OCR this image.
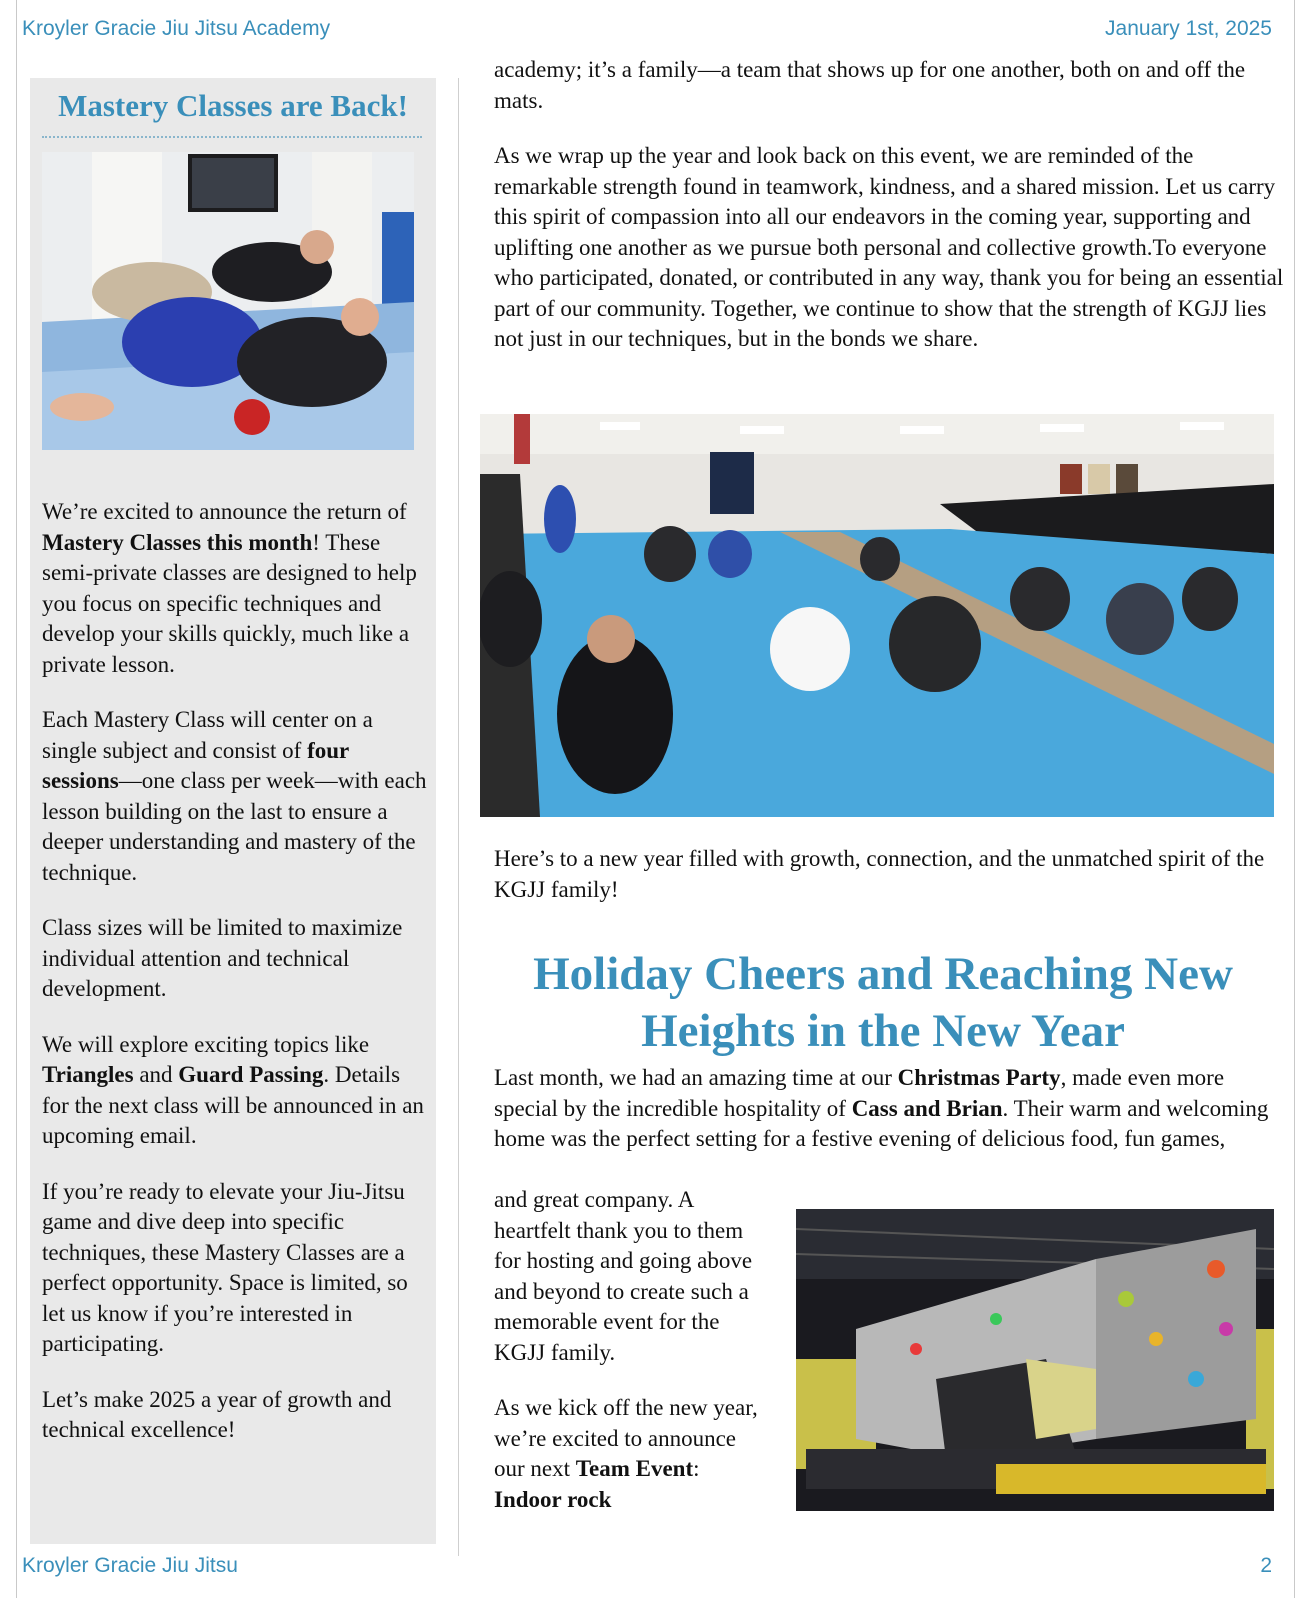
Kroyler Gracie Jiu Jitsu Academy	January 1st, 2025
Mastery Classes are Back!

We’re excited to announce the return of Mastery Classes this month! These semi-private classes are designed to help you focus on specific techniques and develop your skills quickly, much like a private lesson.

Each Mastery Class will center on a single subject and consist of four sessions—one class per week—with each lesson building on the last to ensure a deeper understanding and mastery of the technique.

Class sizes will be limited to maximize individual attention and technical development.

We will explore exciting topics like Triangles and Guard Passing. Details for the next class will be announced in an upcoming email.

If you’re ready to elevate your Jiu-Jitsu game and dive deep into specific techniques, these Mastery Classes are a perfect opportunity. Space is limited, so let us know if you’re interested in participating.

Let’s make 2025 a year of growth and technical excellence!

academy; it’s a family—a team that shows up for one another, both on and off the mats.

As we wrap up the year and look back on this event, we are reminded of the remarkable strength found in teamwork, kindness, and a shared mission. Let us carry this spirit of compassion into all our endeavors in the coming year, supporting and uplifting one another as we pursue both personal and collective growth.To everyone who participated, donated, or contributed in any way, thank you for being an essential part of our community. Together, we continue to show that the strength of KGJJ lies not just in our techniques, but in the bonds we share.

Here’s to a new year filled with growth, connection, and the unmatched spirit of the KGJJ family!

Holiday Cheers and Reaching New Heights in the New Year

Last month, we had an amazing time at our Christmas Party, made even more special by the incredible hospitality of Cass and Brian. Their warm and welcoming home was the perfect setting for a festive evening of delicious food, fun games,

and great company. A heartfelt thank you to them for hosting and going above and beyond to create such a memorable event for the KGJJ family.

As we kick off the new year, we’re excited to announce our next Team Event: Indoor rock

Kroyler Gracie Jiu Jitsu	2
